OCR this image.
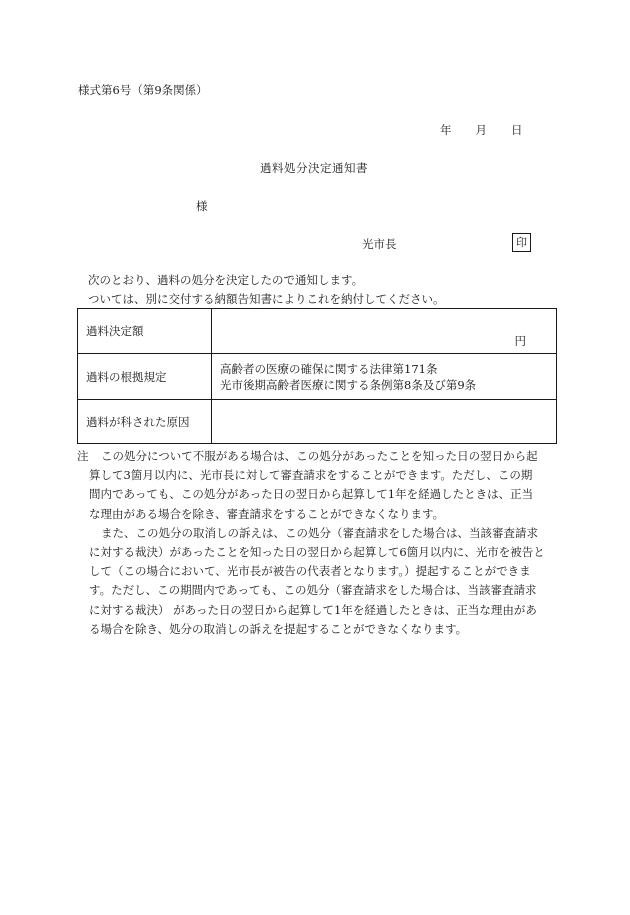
様式第6号（第9条関係）
年 月 日
過料処分決定通知書
様
光市長	印
次のとおり、過料の処分を決定したので通知します。
ついては、別に交付する納額告知書によりこれを納付してください。
過料決定額	円

過料の根拠規定	高齢者の医療の確保に関する法律第171条
光市後期高齢者医療に関する条例第8条及び第9条

過料が科された原因	

注 この処分について不服がある場合は、この処分があったことを知った日の翌日から起

算して3箇月以内に、光市長に対して審査請求をすることができます。ただし、この期

間内であっても、この処分があった日の翌日から起算して1年を経過したときは、正当

な理由がある場合を除き、審査請求をすることができなくなります。

また、この処分の取消しの訴えは、この処分（審査請求をした場合は、当該審査請求

に対する裁決）があったことを知った日の翌日から起算して6箇月以内に、光市を被告と

して（この場合において、光市長が被告の代表者となります。）提起することができま

す。ただし、この期間内であっても、この処分（審査請求をした場合は、当該審査請求

に対する裁決） があった日の翌日から起算して1年を経過したときは、正当な理由があ

る場合を除き、処分の取消しの訴えを提起することができなくなります。
